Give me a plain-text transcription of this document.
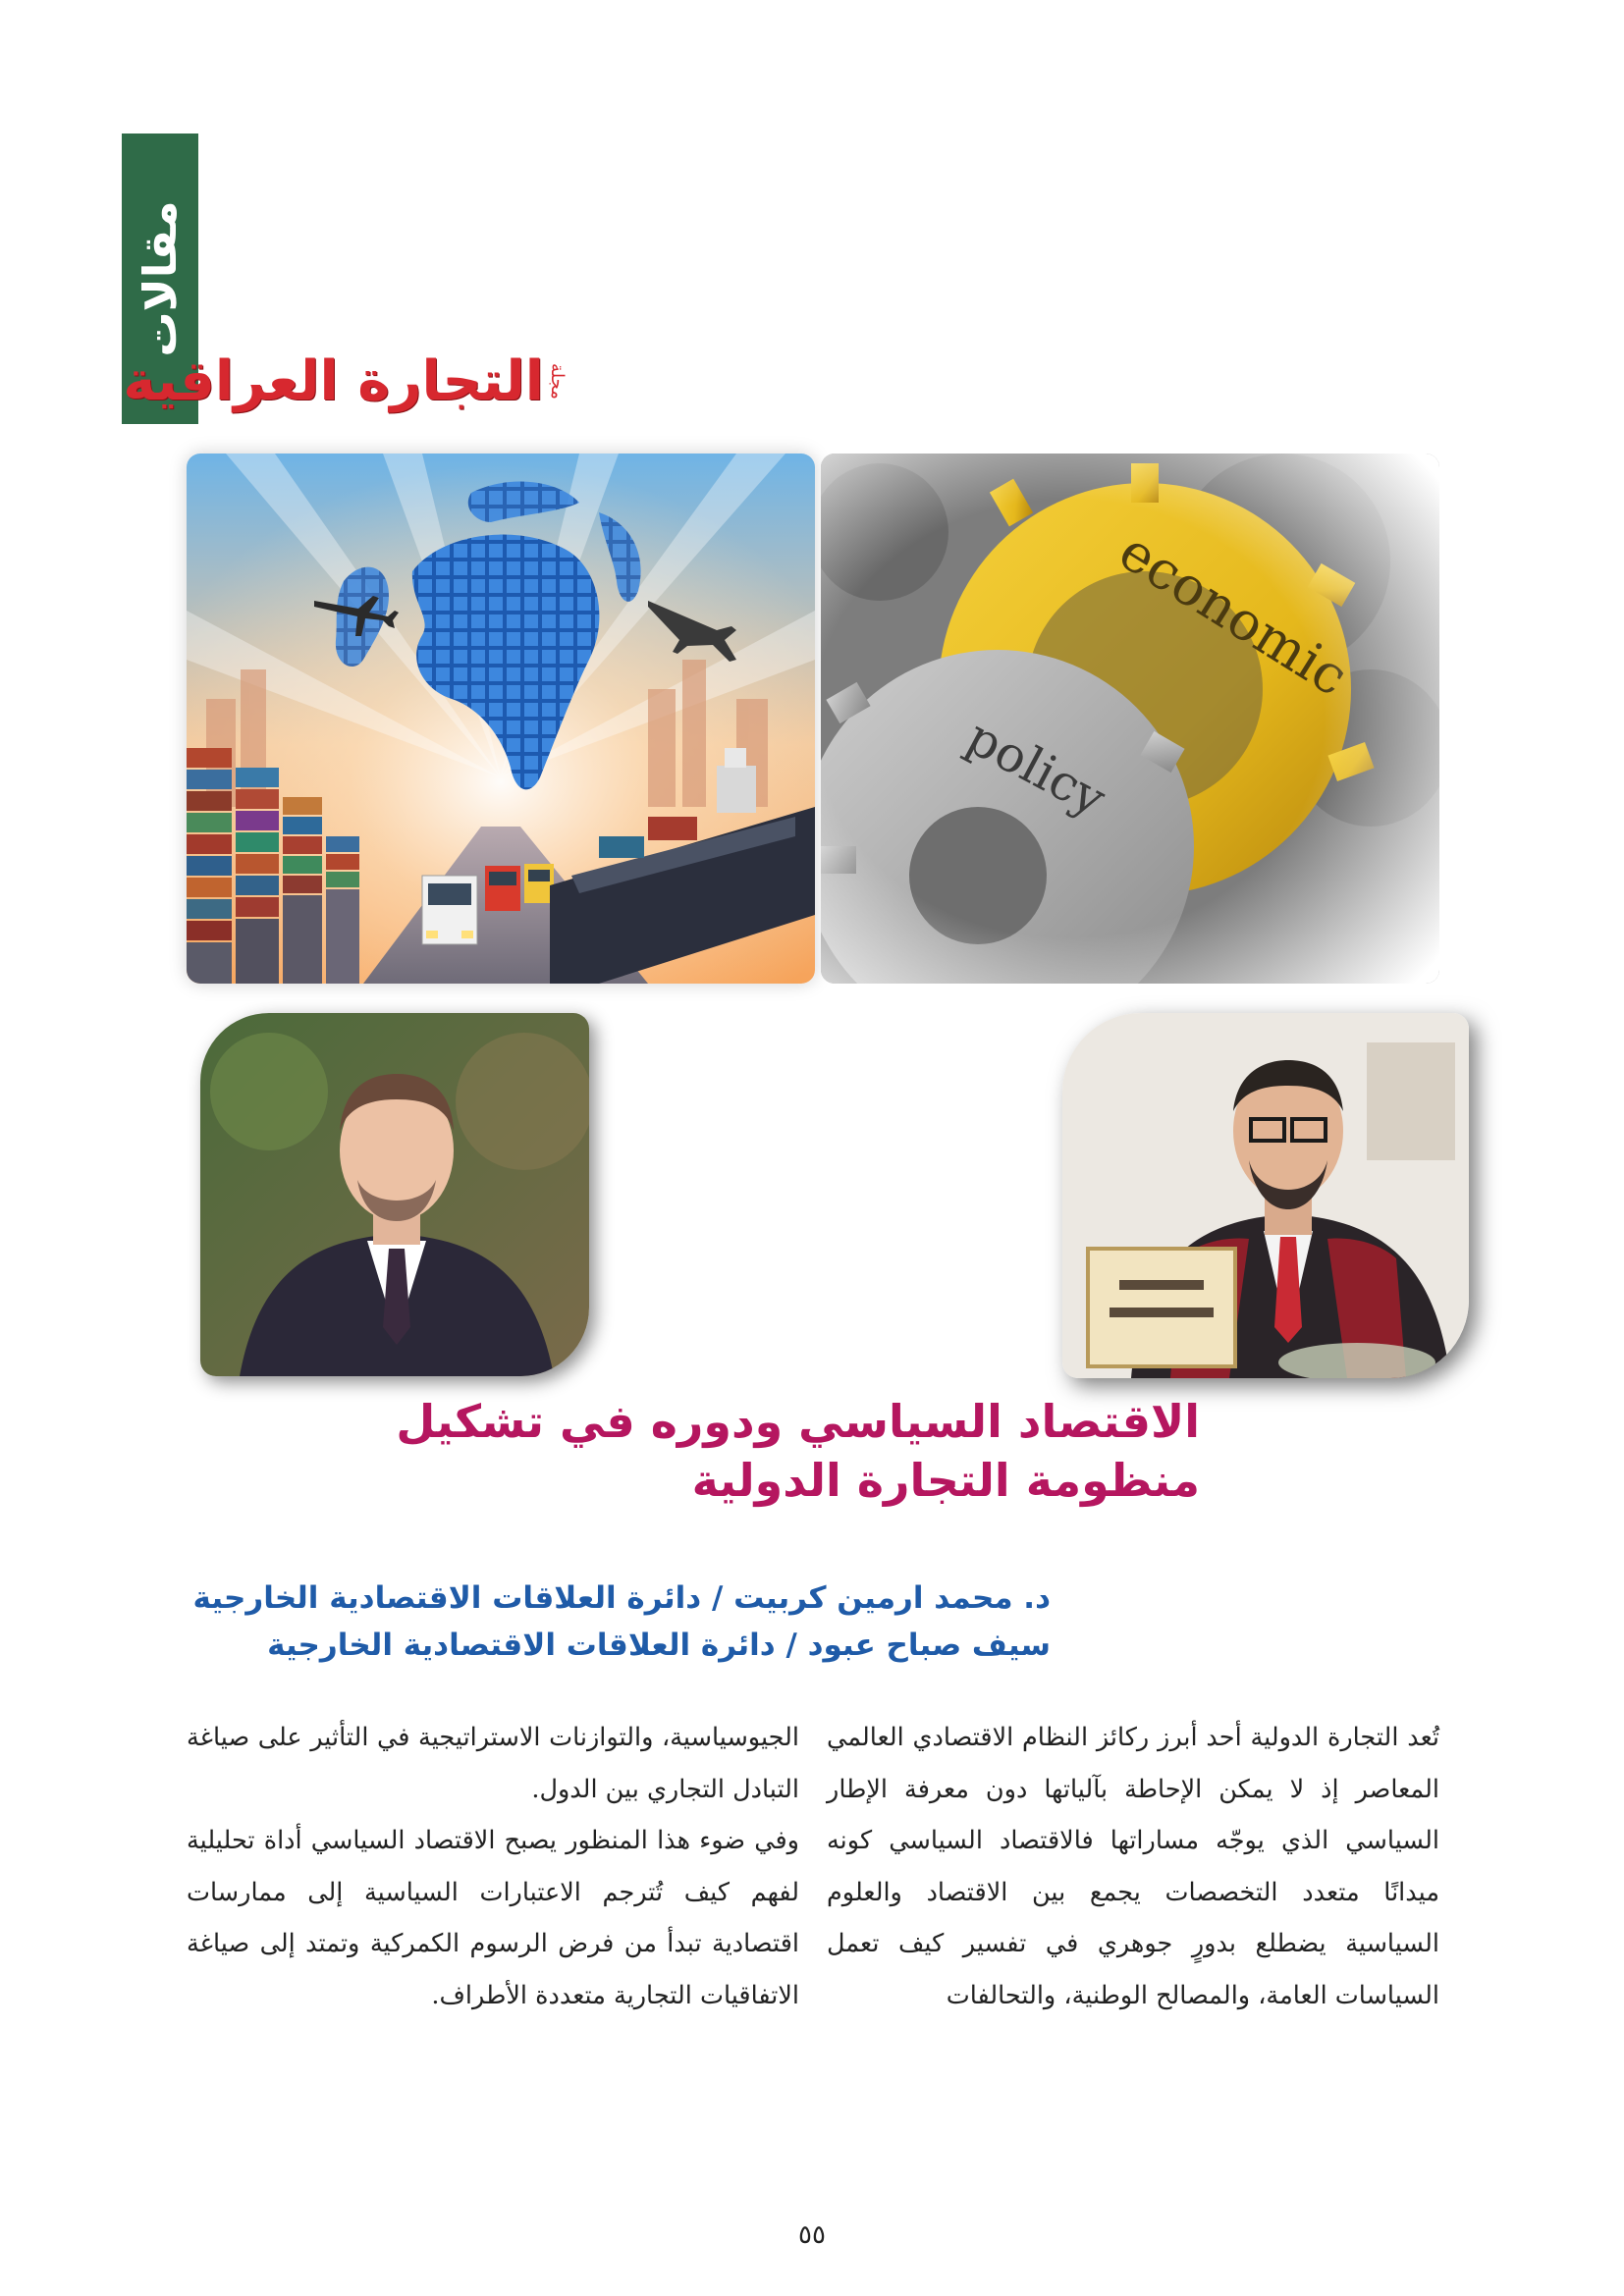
مقالات
مجلة
التجارة العراقية
الاقتصاد السياسي ودوره في تشكيل
منظومة التجارة الدولية
د. محمد ارمين كربيت / دائرة العلاقات الاقتصادية الخارجية
سيف صباح عبود / دائرة العلاقات الاقتصادية الخارجية

تُعد التجارة الدولية أحد أبرز ركائز النظام الاقتصادي العالمي المعاصر إذ لا يمكن الإحاطة بآلياتها دون معرفة الإطار السياسي الذي يوجّه مساراتها فالاقتصاد السياسي كونه ميدانًا متعدد التخصصات يجمع بين الاقتصاد والعلوم السياسية يضطلع بدورٍ جوهري في تفسير كيف تعمل السياسات العامة، والمصالح الوطنية، والتحالفات

الجيوسياسية، والتوازنات الاستراتيجية في التأثير على صياغة التبادل التجاري بين الدول.

وفي ضوء هذا المنظور يصبح الاقتصاد السياسي أداة تحليلية لفهم كيف تُترجم الاعتبارات السياسية إلى ممارسات اقتصادية تبدأ من فرض الرسوم الكمركية وتمتد إلى صياغة الاتفاقيات التجارية متعددة الأطراف.

٥٥
